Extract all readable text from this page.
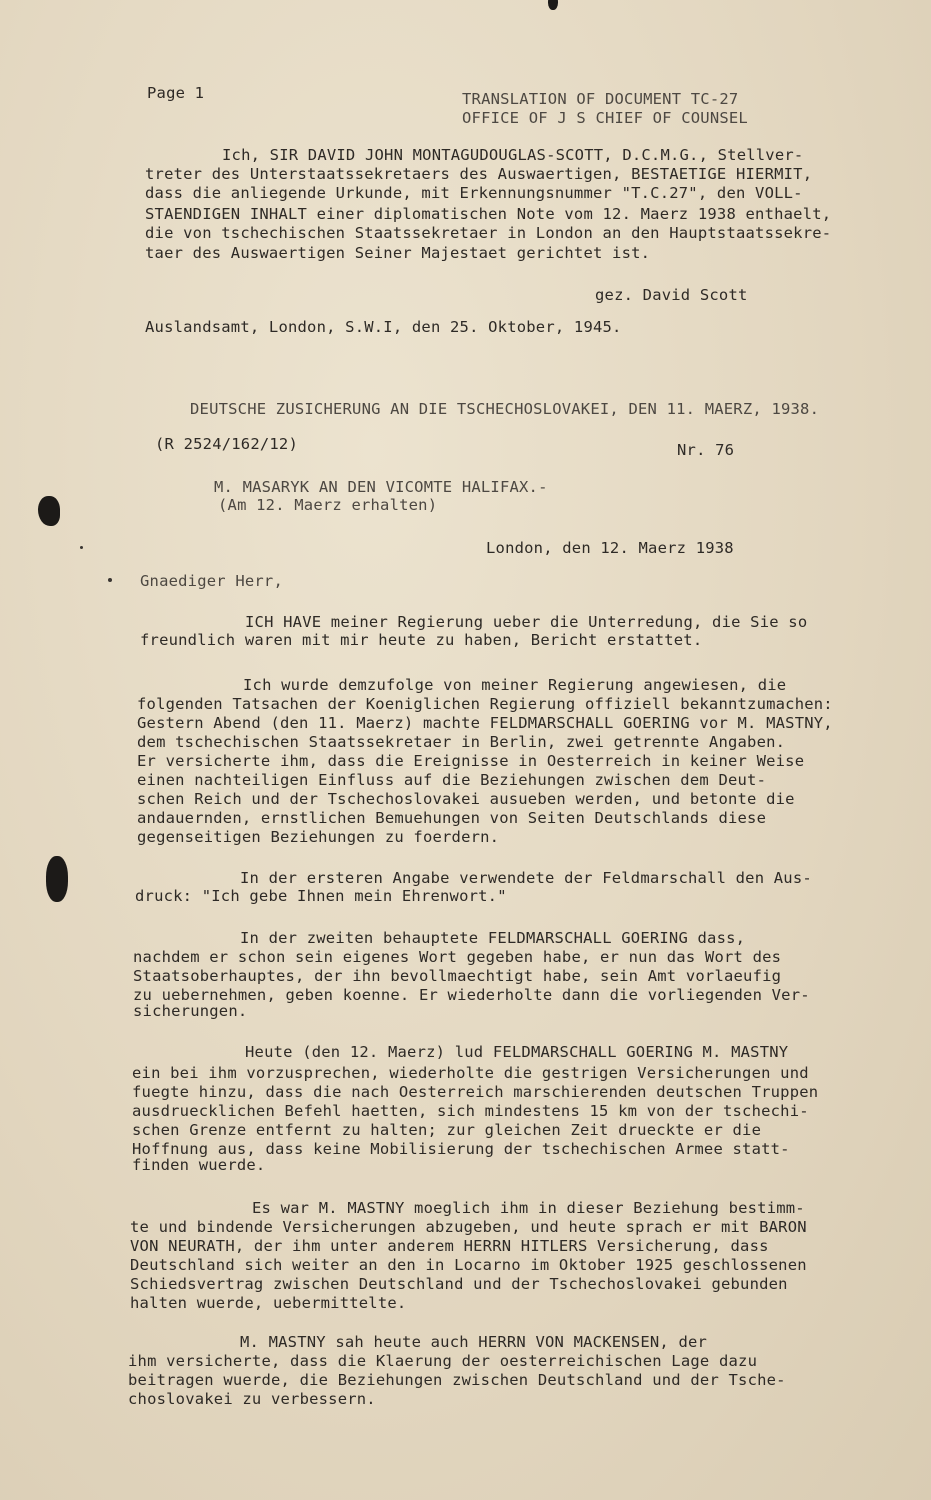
Page 1	TRANSLATION OF DOCUMENT TC-27
OFFICE OF J S CHIEF OF COUNSEL
Ich, SIR DAVID JOHN MONTAGUDOUGLAS-SCOTT, D.C.M.G., Stellver-
treter des Unterstaatssekretaers des Auswaertigen, BESTAETIGE HIERMIT,
dass die anliegende Urkunde, mit Erkennungsnummer "T.C.27", den VOLL-
STAENDIGEN INHALT einer diplomatischen Note vom 12. Maerz 1938 enthaelt,
die von tschechischen Staatssekretaer in London an den Hauptstaatssekre-
taer des Auswaertigen Seiner Majestaet gerichtet ist.
gez. David Scott
Auslandsamt, London, S.W.I, den 25. Oktober, 1945.
DEUTSCHE ZUSICHERUNG AN DIE TSCHECHOSLOVAKEI, DEN 11. MAERZ, 1938.
(R 2524/162/12)	Nr. 76
M. MASARYK AN DEN VICOMTE HALIFAX.-
(Am 12. Maerz erhalten)
London, den 12. Maerz 1938
Gnaediger Herr,
ICH HAVE meiner Regierung ueber die Unterredung, die Sie so
freundlich waren mit mir heute zu haben, Bericht erstattet.
Ich wurde demzufolge von meiner Regierung angewiesen, die
folgenden Tatsachen der Koeniglichen Regierung offiziell bekanntzumachen:
Gestern Abend (den 11. Maerz) machte FELDMARSCHALL GOERING vor M. MASTNY,
dem tschechischen Staatssekretaer in Berlin, zwei getrennte Angaben.
Er versicherte ihm, dass die Ereignisse in Oesterreich in keiner Weise
einen nachteiligen Einfluss auf die Beziehungen zwischen dem Deut-
schen Reich und der Tschechoslovakei ausueben werden, und betonte die
andauernden, ernstlichen Bemuehungen von Seiten Deutschlands diese
gegenseitigen Beziehungen zu foerdern.
In der ersteren Angabe verwendete der Feldmarschall den Aus-
druck: "Ich gebe Ihnen mein Ehrenwort."
In der zweiten behauptete FELDMARSCHALL GOERING dass,
nachdem er schon sein eigenes Wort gegeben habe, er nun das Wort des
Staatsoberhauptes, der ihn bevollmaechtigt habe, sein Amt vorlaeufig
zu uebernehmen, geben koenne. Er wiederholte dann die vorliegenden Ver-
sicherungen.
Heute (den 12. Maerz) lud FELDMARSCHALL GOERING M. MASTNY
ein bei ihm vorzusprechen, wiederholte die gestrigen Versicherungen und
fuegte hinzu, dass die nach Oesterreich marschierenden deutschen Truppen
ausdruecklichen Befehl haetten, sich mindestens 15 km von der tschechi-
schen Grenze entfernt zu halten; zur gleichen Zeit drueckte er die
Hoffnung aus, dass keine Mobilisierung der tschechischen Armee statt-
finden wuerde.
Es war M. MASTNY moeglich ihm in dieser Beziehung bestimm-
te und bindende Versicherungen abzugeben, und heute sprach er mit BARON
VON NEURATH, der ihm unter anderem HERRN HITLERS Versicherung, dass
Deutschland sich weiter an den in Locarno im Oktober 1925 geschlossenen
Schiedsvertrag zwischen Deutschland und der Tschechoslovakei gebunden
halten wuerde, uebermittelte.
M. MASTNY sah heute auch HERRN VON MACKENSEN, der
ihm versicherte, dass die Klaerung der oesterreichischen Lage dazu
beitragen wuerde, die Beziehungen zwischen Deutschland und der Tsche-
choslovakei zu verbessern.
